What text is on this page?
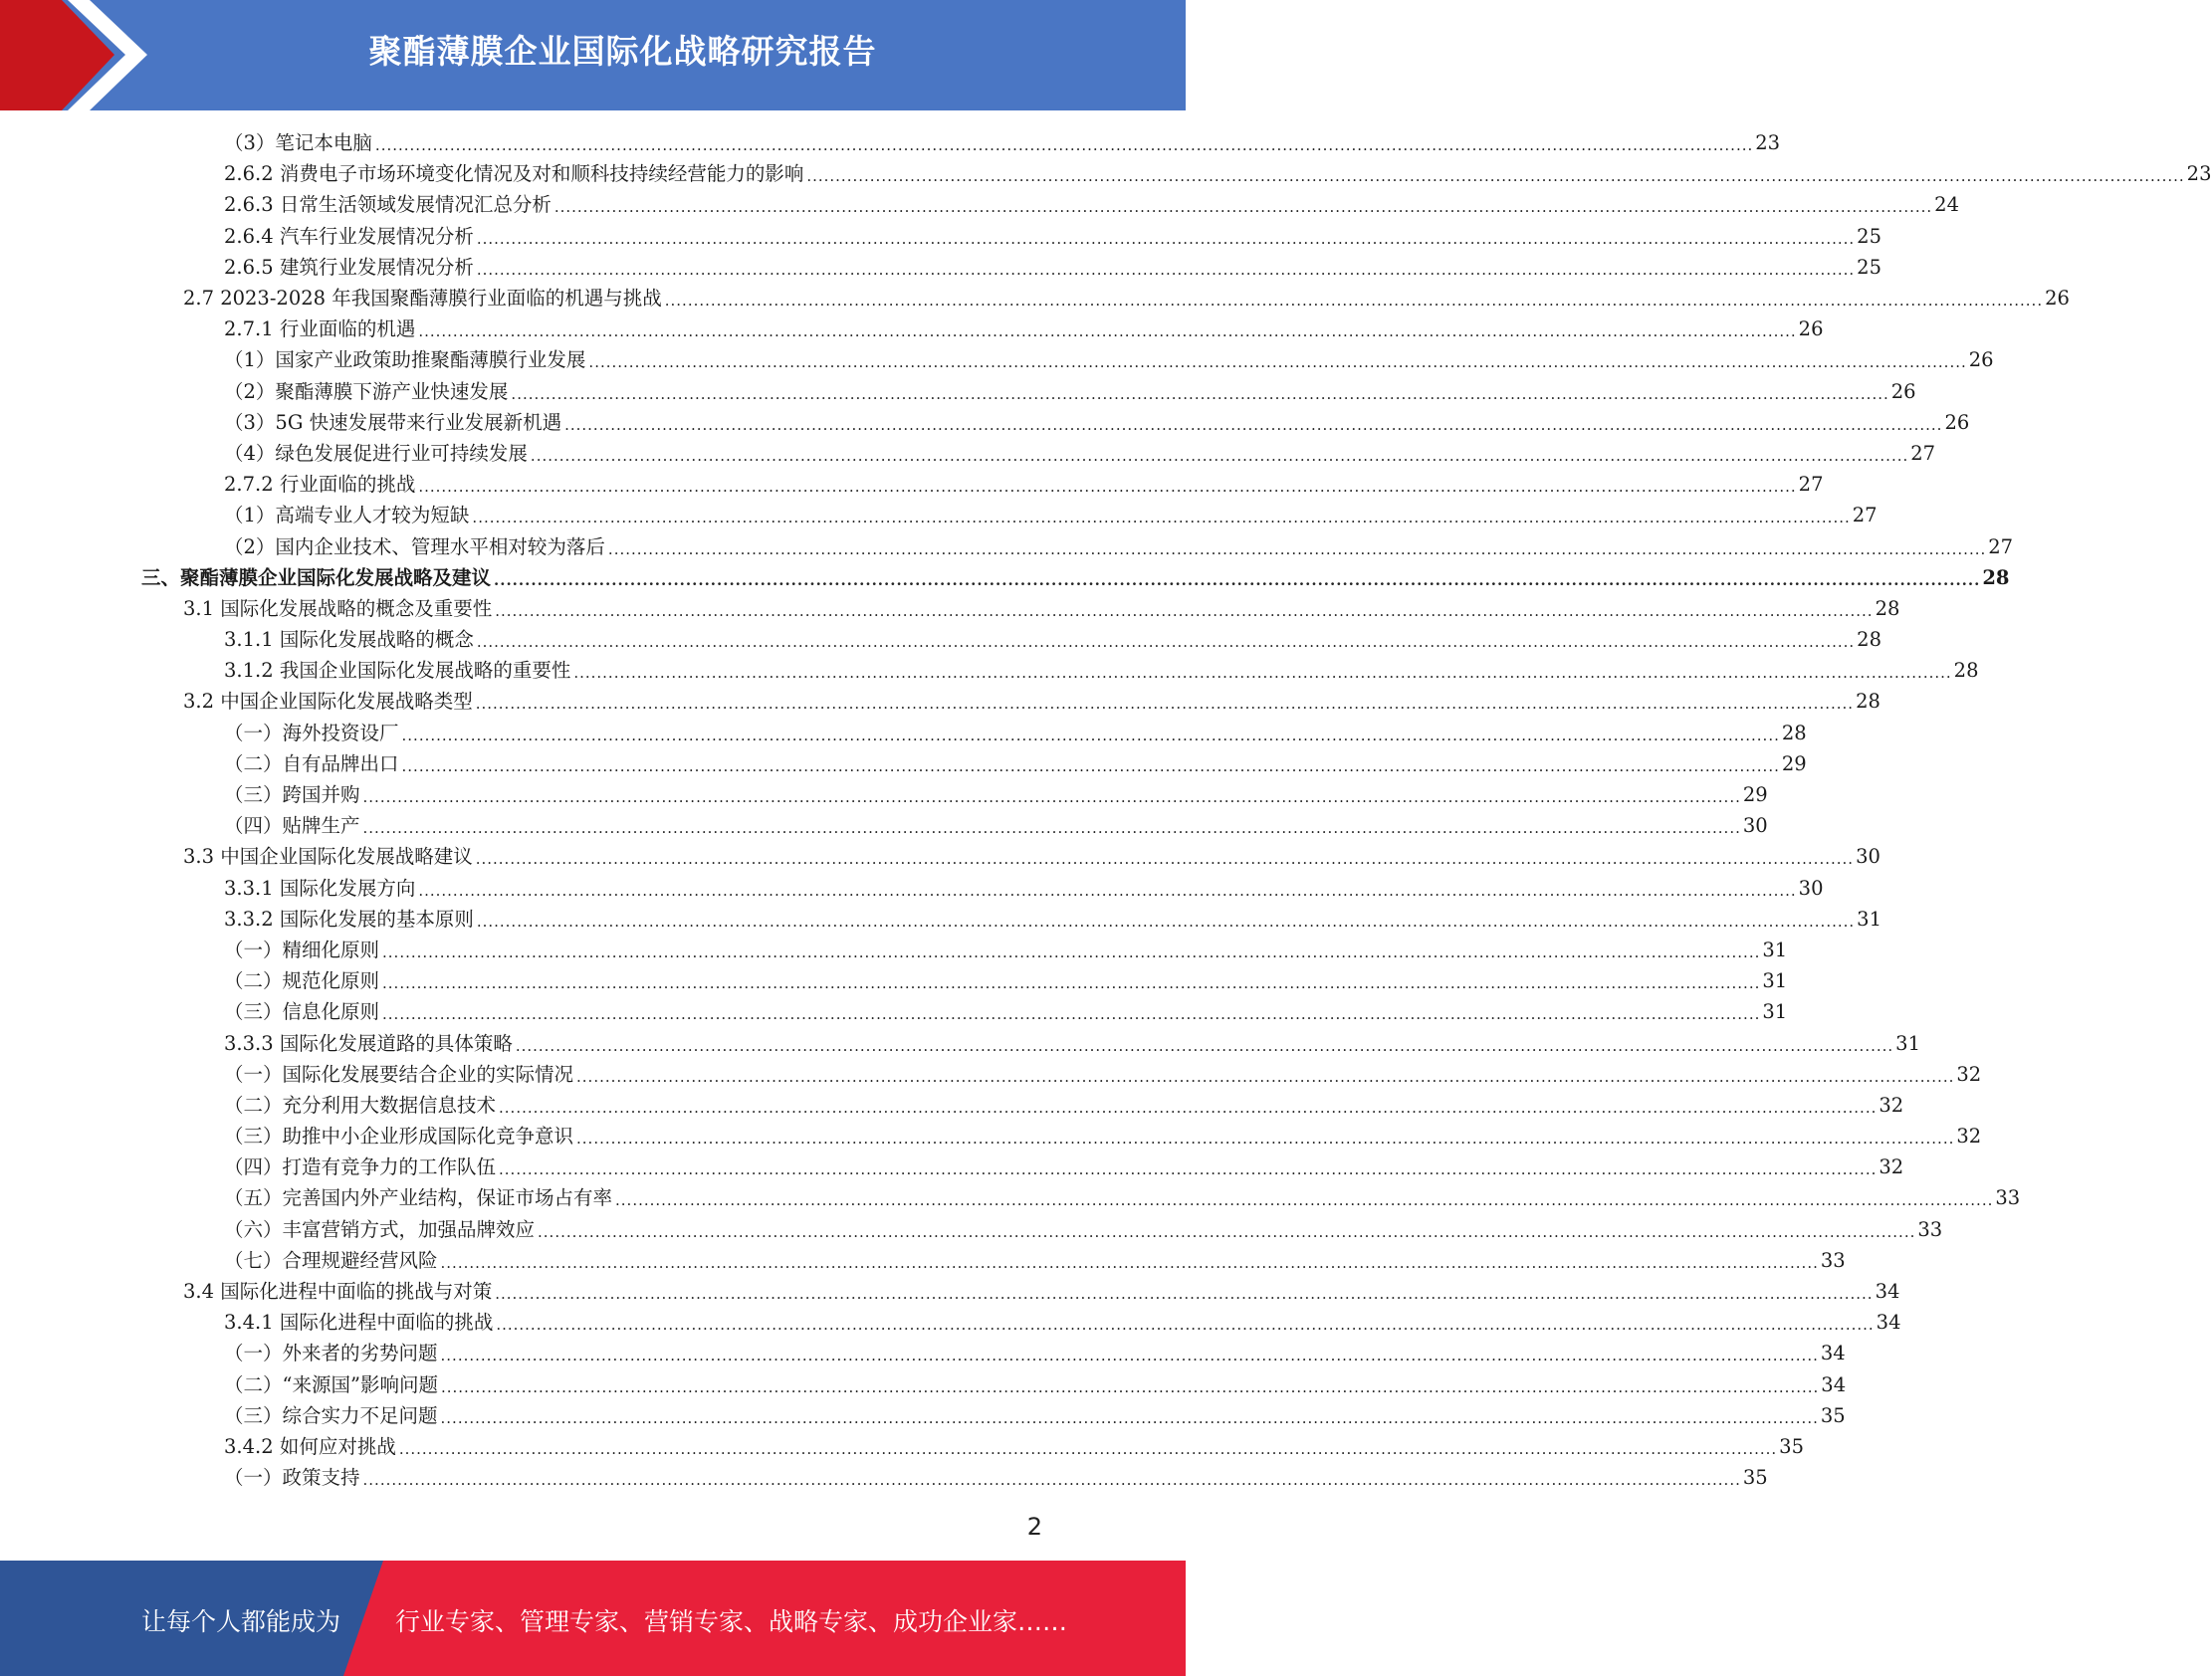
聚酯薄膜企业国际化战略研究报告
（3）笔记本电脑 .....	23
2.6.2 消费电子市场环境变化情况及对和顺科技持续经营能力的影响 .....	23
2.6.3 日常生活领域发展情况汇总分析 .....	24
2.6.4 汽车行业发展情况分析 .....	25
2.6.5 建筑行业发展情况分析 .....	25
2.7 2023-2028 年我国聚酯薄膜行业面临的机遇与挑战 .....	26
2.7.1 行业面临的机遇 .....	26
（1）国家产业政策助推聚酯薄膜行业发展 .....	26
（2）聚酯薄膜下游产业快速发展 .....	26
（3）5G 快速发展带来行业发展新机遇 .....	26
（4）绿色发展促进行业可持续发展 .....	27
2.7.2 行业面临的挑战 .....	27
（1）高端专业人才较为短缺 .....	27
（2）国内企业技术、管理水平相对较为落后 .....	27
三、聚酯薄膜企业国际化发展战略及建议 .....	28
3.1 国际化发展战略的概念及重要性 .....	28
3.1.1 国际化发展战略的概念 .....	28
3.1.2 我国企业国际化发展战略的重要性 .....	28
3.2 中国企业国际化发展战略类型 .....	28
（一）海外投资设厂 .....	28
（二）自有品牌出口 .....	29
（三）跨国并购 .....	29
（四）贴牌生产 .....	30
3.3 中国企业国际化发展战略建议 .....	30
3.3.1 国际化发展方向 .....	30
3.3.2 国际化发展的基本原则 .....	31
（一）精细化原则 .....	31
（二）规范化原则 .....	31
（三）信息化原则 .....	31
3.3.3 国际化发展道路的具体策略 .....	31
（一）国际化发展要结合企业的实际情况 .....	32
（二）充分利用大数据信息技术 .....	32
（三）助推中小企业形成国际化竞争意识 .....	32
（四）打造有竞争力的工作队伍 .....	32
（五）完善国内外产业结构，保证市场占有率 .....	33
（六）丰富营销方式，加强品牌效应 .....	33
（七）合理规避经营风险 .....	33
3.4 国际化进程中面临的挑战与对策 .....	34
3.4.1 国际化进程中面临的挑战 .....	34
（一）外来者的劣势问题 .....	34
（二）“来源国”影响问题 .....	34
（三）综合实力不足问题 .....	35
3.4.2 如何应对挑战 .....	35
（一）政策支持 .....	35
2
让每个人都能成为 行业专家、管理专家、营销专家、战略专家、成功企业家……
